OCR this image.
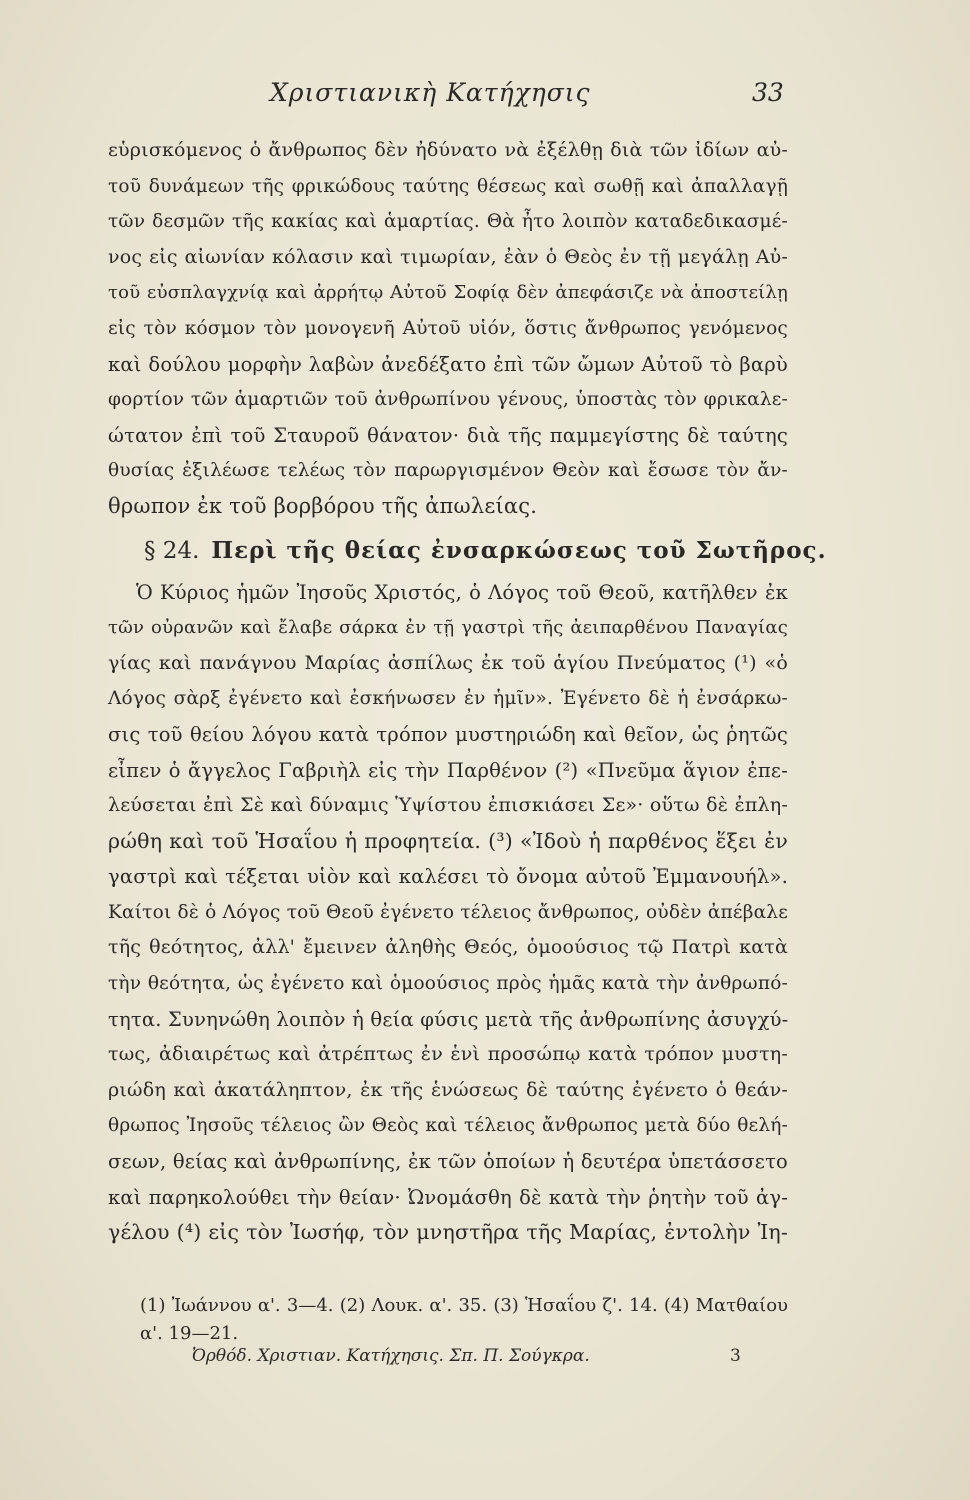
Χριστιανικὴ Κατήχησις	33
εὑρισκόμενος ὁ ἄνθρωπος δὲν ἠδύνατο νὰ ἐξέλθῃ διὰ τῶν ἰδίων αὐ-
τοῦ δυνάμεων τῆς φρικώδους ταύτης θέσεως καὶ σωθῇ καὶ ἀπαλλαγῇ
τῶν δεσμῶν τῆς κακίας καὶ ἁμαρτίας. Θὰ ἦτο λοιπὸν καταδεδικασμέ-
νος εἰς αἰωνίαν κόλασιν καὶ τιμωρίαν, ἐὰν ὁ Θεὸς ἐν τῇ μεγάλῃ Αὐ-
τοῦ εὐσπλαγχνίᾳ καὶ ἀρρήτῳ Αὐτοῦ Σοφίᾳ δὲν ἀπεφάσιζε νὰ ἀποστείλῃ
εἰς τὸν κόσμον τὸν μονογενῆ Αὐτοῦ υἱόν, ὅστις ἄνθρωπος γενόμενος
καὶ δούλου μορφὴν λαβὼν ἀνεδέξατο ἐπὶ τῶν ὤμων Αὐτοῦ τὸ βαρὺ
φορτίον τῶν ἁμαρτιῶν τοῦ ἀνθρωπίνου γένους, ὑποστὰς τὸν φρικαλε-
ώτατον ἐπὶ τοῦ Σταυροῦ θάνατον· διὰ τῆς παμμεγίστης δὲ ταύτης
θυσίας ἐξιλέωσε τελέως τὸν παρωργισμένον Θεὸν καὶ ἔσωσε τὸν ἄν-
θρωπον ἐκ τοῦ βορβόρου τῆς ἀπωλείας.
§ 24. Περὶ τῆς θείας ἐνσαρκώσεως τοῦ Σωτῆρος.
Ὁ Κύριος ἡμῶν Ἰησοῦς Χριστός, ὁ Λόγος τοῦ Θεοῦ, κατῆλθεν ἐκ
τῶν οὐρανῶν καὶ ἔλαβε σάρκα ἐν τῇ γαστρὶ τῆς ἀειπαρθένου Παναγίας
γίας καὶ πανάγνου Μαρίας ἀσπίλως ἐκ τοῦ ἁγίου Πνεύματος (¹) «ὁ
Λόγος σὰρξ ἐγένετο καὶ ἐσκήνωσεν ἐν ἡμῖν». Ἐγένετο δὲ ἡ ἐνσάρκω-
σις τοῦ θείου λόγου κατὰ τρόπον μυστηριώδη καὶ θεῖον, ὡς ῥητῶς
εἶπεν ὁ ἄγγελος Γαβριὴλ εἰς τὴν Παρθένον (²) «Πνεῦμα ἅγιον ἐπε-
λεύσεται ἐπὶ Σὲ καὶ δύναμις Ὑψίστου ἐπισκιάσει Σε»· οὕτω δὲ ἐπλη-
ρώθη καὶ τοῦ Ἡσαΐου ἡ προφητεία. (³) «Ἰδοὺ ἡ παρθένος ἕξει ἐν
γαστρὶ καὶ τέξεται υἱὸν καὶ καλέσει τὸ ὄνομα αὐτοῦ Ἐμμανουήλ».
Καίτοι δὲ ὁ Λόγος τοῦ Θεοῦ ἐγένετο τέλειος ἄνθρωπος, οὐδὲν ἀπέβαλε
τῆς θεότητος, ἀλλ' ἔμεινεν ἀληθὴς Θεός, ὁμοούσιος τῷ Πατρὶ κατὰ
τὴν θεότητα, ὡς ἐγένετο καὶ ὁμοούσιος πρὸς ἡμᾶς κατὰ τὴν ἀνθρωπό-
τητα. Συνηνώθη λοιπὸν ἡ θεία φύσις μετὰ τῆς ἀνθρωπίνης ἀσυγχύ-
τως, ἀδιαιρέτως καὶ ἀτρέπτως ἐν ἑνὶ προσώπῳ κατὰ τρόπον μυστη-
ριώδη καὶ ἀκατάληπτον, ἐκ τῆς ἑνώσεως δὲ ταύτης ἐγένετο ὁ θεάν-
θρωπος Ἰησοῦς τέλειος ὢν Θεὸς καὶ τέλειος ἄνθρωπος μετὰ δύο θελή-
σεων, θείας καὶ ἀνθρωπίνης, ἐκ τῶν ὁποίων ἡ δευτέρα ὑπετάσσετο
καὶ παρηκολούθει τὴν θείαν· Ὠνομάσθη δὲ κατὰ τὴν ῥητὴν τοῦ ἀγ-
γέλου (⁴) εἰς τὸν Ἰωσήφ, τὸν μνηστῆρα τῆς Μαρίας, ἐντολὴν Ἰη-
(1) Ἰωάννου α'. 3—4. (2) Λουκ. α'. 35. (3) Ἡσαΐου ζ'. 14. (4) Ματθαίου
α'. 19—21.
Ὀρθόδ. Χριστιαν. Κατήχησις. Σπ. Π. Σούγκρα.	3
